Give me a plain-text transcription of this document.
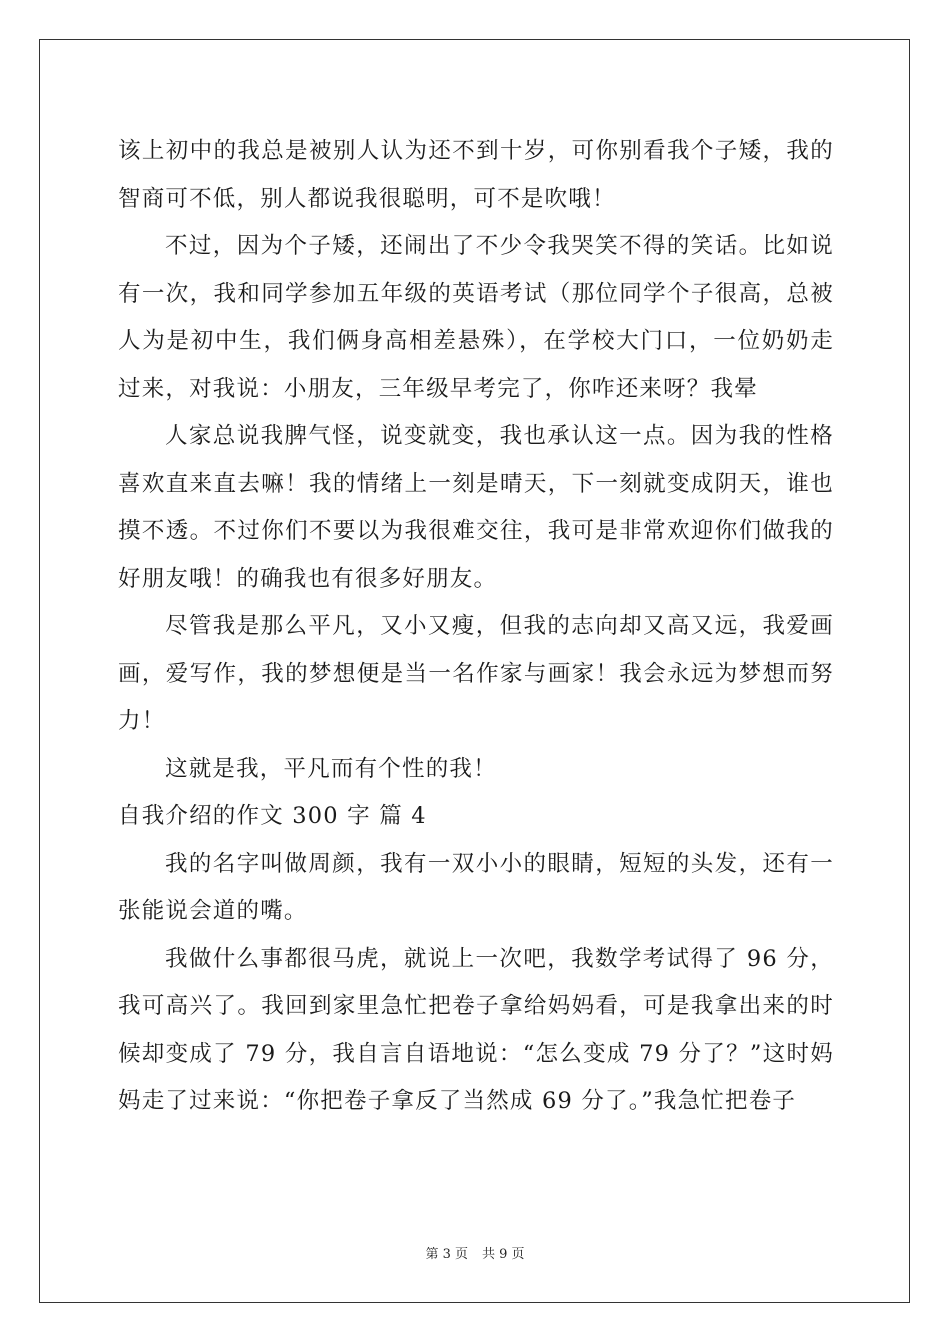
该上初中的我总是被别人认为还不到十岁，可你别看我个子矮，我的智商可不低，别人都说我很聪明，可不是吹哦！

不过，因为个子矮，还闹出了不少令我哭笑不得的笑话。比如说有一次，我和同学参加五年级的英语考试（那位同学个子很高，总被人为是初中生，我们俩身高相差悬殊），在学校大门口，一位奶奶走过来，对我说：小朋友，三年级早考完了，你咋还来呀？我晕

人家总说我脾气怪，说变就变，我也承认这一点。因为我的性格喜欢直来直去嘛！我的情绪上一刻是晴天，下一刻就变成阴天，谁也摸不透。不过你们不要以为我很难交往，我可是非常欢迎你们做我的好朋友哦！的确我也有很多好朋友。

尽管我是那么平凡，又小又瘦，但我的志向却又高又远，我爱画画，爱写作，我的梦想便是当一名作家与画家！我会永远为梦想而努力！

这就是我，平凡而有个性的我！

自我介绍的作文 300 字 篇 4

我的名字叫做周颜，我有一双小小的眼睛，短短的头发，还有一张能说会道的嘴。

我做什么事都很马虎，就说上一次吧，我数学考试得了 96 分，我可高兴了。我回到家里急忙把卷子拿给妈妈看，可是我拿出来的时候却变成了 79 分，我自言自语地说：“怎么变成 79 分了？”这时妈妈走了过来说：“你把卷子拿反了当然成 69 分了。”我急忙把卷子

第 3 页 共 9 页
